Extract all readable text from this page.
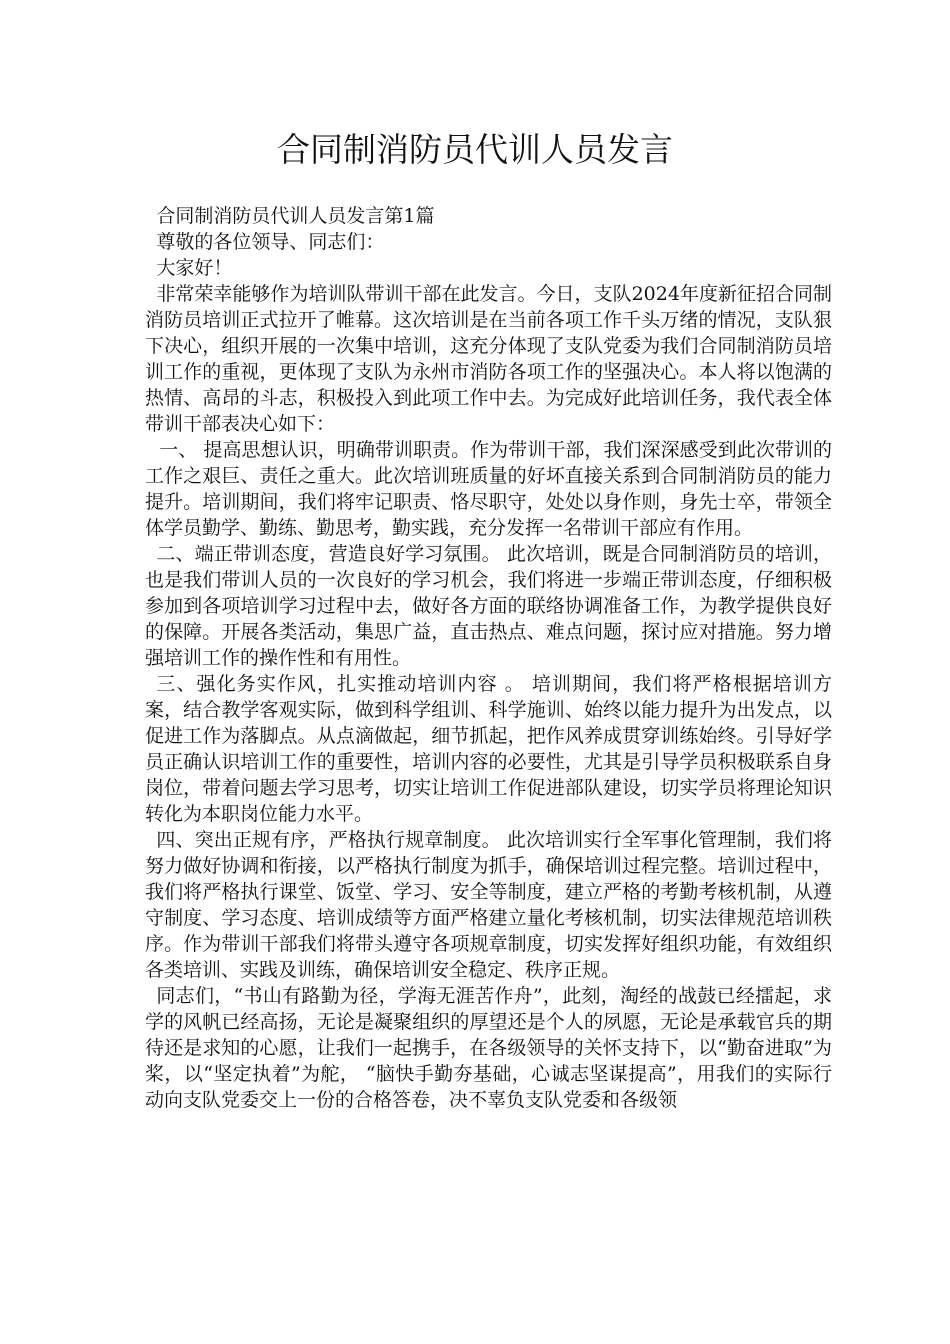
合同制消防员代训人员发言

合同制消防员代训人员发言第1篇

尊敬的各位领导、同志们：

大家好！

非常荣幸能够作为培训队带训干部在此发言。今日，支队2024年度新征招合同制消防员培训正式拉开了帷幕。这次培训是在当前各项工作千头万绪的情况，支队狠下决心，组织开展的一次集中培训，这充分体现了支队党委为我们合同制消防员培训工作的重视，更体现了支队为永州市消防各项工作的坚强决心。本人将以饱满的热情、高昂的斗志，积极投入到此项工作中去。为完成好此培训任务，我代表全体带训干部表决心如下：

一、 提高思想认识，明确带训职责。作为带训干部，我们深深感受到此次带训的工作之艰巨、责任之重大。此次培训班质量的好坏直接关系到合同制消防员的能力提升。培训期间，我们将牢记职责、恪尽职守，处处以身作则，身先士卒，带领全体学员勤学、勤练、勤思考，勤实践，充分发挥一名带训干部应有作用。

二、端正带训态度，营造良好学习氛围。 此次培训，既是合同制消防员的培训，也是我们带训人员的一次良好的学习机会，我们将进一步端正带训态度，仔细积极参加到各项培训学习过程中去，做好各方面的联络协调准备工作，为教学提供良好的保障。开展各类活动，集思广益，直击热点、难点问题，探讨应对措施。努力增强培训工作的操作性和有用性。

三、强化务实作风，扎实推动培训内容 。 培训期间，我们将严格根据培训方案，结合教学客观实际，做到科学组训、科学施训、始终以能力提升为出发点，以促进工作为落脚点。从点滴做起，细节抓起，把作风养成贯穿训练始终。引导好学员正确认识培训工作的重要性，培训内容的必要性，尤其是引导学员积极联系自身岗位，带着问题去学习思考，切实让培训工作促进部队建设，切实学员将理论知识转化为本职岗位能力水平。

四、突出正规有序，严格执行规章制度。 此次培训实行全军事化管理制，我们将努力做好协调和衔接，以严格执行制度为抓手，确保培训过程完整。培训过程中，我们将严格执行课堂、饭堂、学习、安全等制度，建立严格的考勤考核机制，从遵守制度、学习态度、培训成绩等方面严格建立量化考核机制，切实法律规范培训秩序。作为带训干部我们将带头遵守各项规章制度，切实发挥好组织功能，有效组织各类培训、实践及训练，确保培训安全稳定、秩序正规。

同志们，“书山有路勤为径，学海无涯苦作舟”，此刻，淘经的战鼓已经擂起，求学的风帆已经高扬，无论是凝聚组织的厚望还是个人的夙愿，无论是承载官兵的期待还是求知的心愿，让我们一起携手，在各级领导的关怀支持下，以“勤奋进取”为桨，以“坚定执着”为舵， “脑快手勤夯基础，心诚志坚谋提高”，用我们的实际行动向支队党委交上一份的合格答卷，决不辜负支队党委和各级领
